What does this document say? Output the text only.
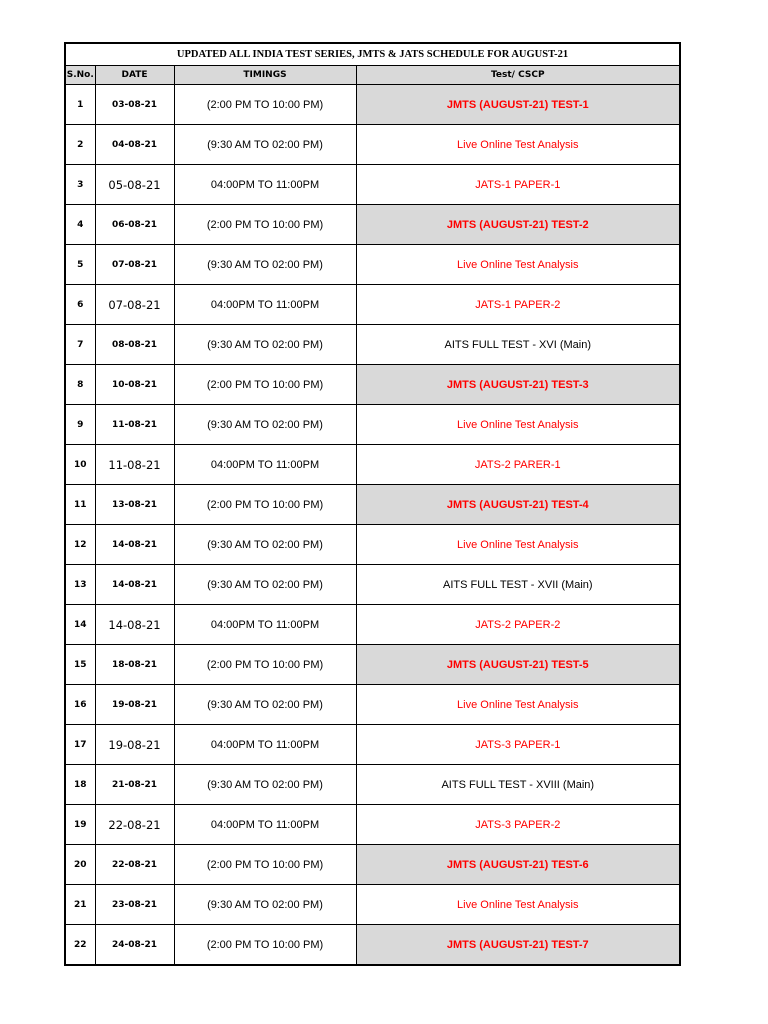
UPDATED ALL INDIA TEST SERIES, JMTS & JATS SCHEDULE FOR AUGUST-21			
S.No.	DATE	TIMINGS	Test/ CSCP
1	03-08-21	(2:00 PM TO 10:00 PM)	JMTS (AUGUST-21) TEST-1
2	04-08-21	(9:30 AM TO 02:00 PM)	Live Online Test Analysis
3	05-08-21	04:00PM TO 11:00PM	JATS-1 PAPER-1
4	06-08-21	(2:00 PM TO 10:00 PM)	JMTS (AUGUST-21) TEST-2
5	07-08-21	(9:30 AM TO 02:00 PM)	Live Online Test Analysis
6	07-08-21	04:00PM TO 11:00PM	JATS-1 PAPER-2
7	08-08-21	(9:30 AM TO 02:00 PM)	AITS FULL TEST - XVI (Main)
8	10-08-21	(2:00 PM TO 10:00 PM)	JMTS (AUGUST-21) TEST-3
9	11-08-21	(9:30 AM TO 02:00 PM)	Live Online Test Analysis
10	11-08-21	04:00PM TO 11:00PM	JATS-2 PARER-1
11	13-08-21	(2:00 PM TO 10:00 PM)	JMTS (AUGUST-21) TEST-4
12	14-08-21	(9:30 AM TO 02:00 PM)	Live Online Test Analysis
13	14-08-21	(9:30 AM TO 02:00 PM)	AITS FULL TEST - XVII (Main)
14	14-08-21	04:00PM TO 11:00PM	JATS-2 PAPER-2
15	18-08-21	(2:00 PM TO 10:00 PM)	JMTS (AUGUST-21) TEST-5
16	19-08-21	(9:30 AM TO 02:00 PM)	Live Online Test Analysis
17	19-08-21	04:00PM TO 11:00PM	JATS-3 PAPER-1
18	21-08-21	(9:30 AM TO 02:00 PM)	AITS FULL TEST - XVIII (Main)
19	22-08-21	04:00PM TO 11:00PM	JATS-3 PAPER-2
20	22-08-21	(2:00 PM TO 10:00 PM)	JMTS (AUGUST-21) TEST-6
21	23-08-21	(9:30 AM TO 02:00 PM)	Live Online Test Analysis
22	24-08-21	(2:00 PM TO 10:00 PM)	JMTS (AUGUST-21) TEST-7
